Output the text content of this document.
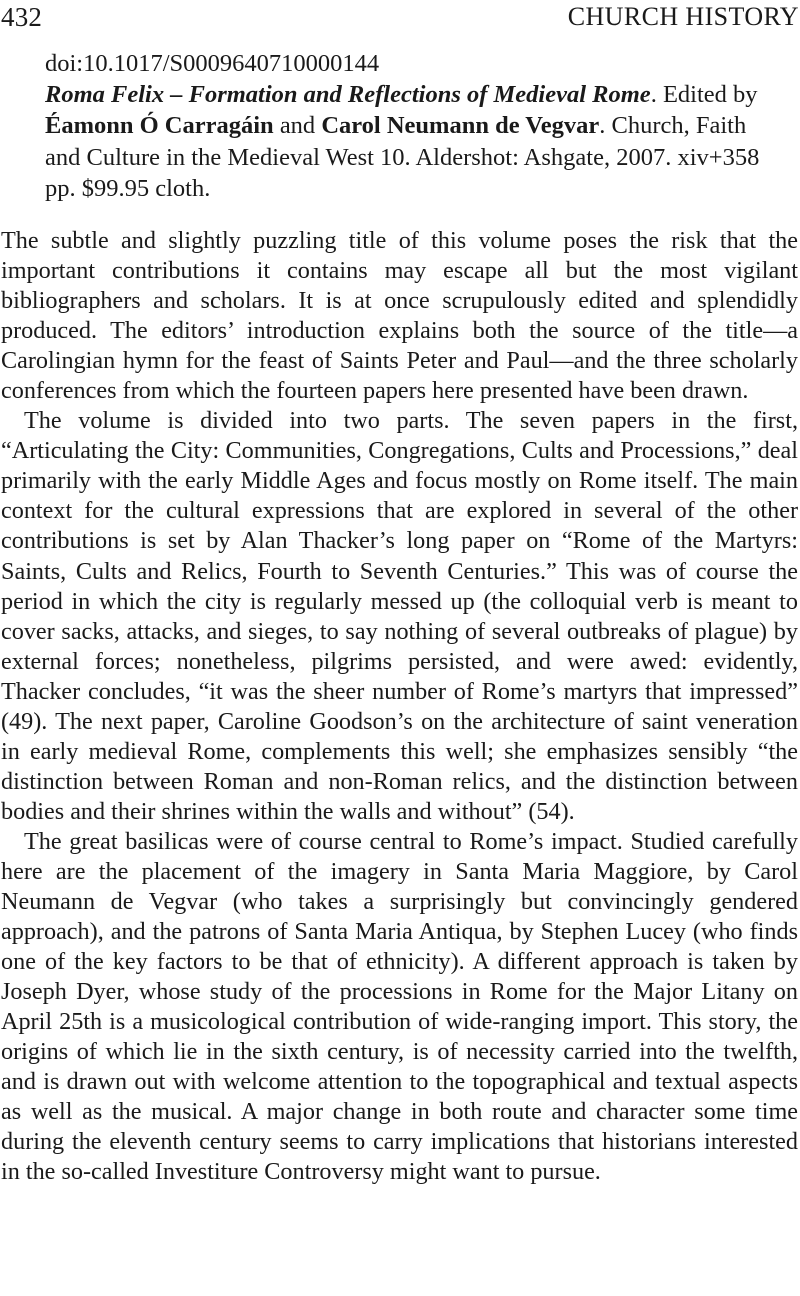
432	CHURCH HISTORY
doi:10.1017/S0009640710000144
Roma Felix – Formation and Reflections of Medieval Rome. Edited by Éamonn Ó Carragáin and Carol Neumann de Vegvar. Church, Faith and Culture in the Medieval West 10. Aldershot: Ashgate, 2007. xiv+358 pp. $99.95 cloth.

The subtle and slightly puzzling title of this volume poses the risk that the important contributions it contains may escape all but the most vigilant bibliographers and scholars. It is at once scrupulously edited and splendidly produced. The editors’ introduction explains both the source of the title—a Carolingian hymn for the feast of Saints Peter and Paul—and the three scholarly conferences from which the fourteen papers here presented have been drawn.

The volume is divided into two parts. The seven papers in the first, “Articulating the City: Communities, Congregations, Cults and Processions,” deal primarily with the early Middle Ages and focus mostly on Rome itself. The main context for the cultural expressions that are explored in several of the other contributions is set by Alan Thacker’s long paper on “Rome of the Martyrs: Saints, Cults and Relics, Fourth to Seventh Centuries.” This was of course the period in which the city is regularly messed up (the colloquial verb is meant to cover sacks, attacks, and sieges, to say nothing of several outbreaks of plague) by external forces; nonetheless, pilgrims persisted, and were awed: evidently, Thacker concludes, “it was the sheer number of Rome’s martyrs that impressed” (49). The next paper, Caroline Goodson’s on the architecture of saint veneration in early medieval Rome, complements this well; she emphasizes sensibly “the distinction between Roman and non-Roman relics, and the distinction between bodies and their shrines within the walls and without” (54).

The great basilicas were of course central to Rome’s impact. Studied carefully here are the placement of the imagery in Santa Maria Maggiore, by Carol Neumann de Vegvar (who takes a surprisingly but convincingly gendered approach), and the patrons of Santa Maria Antiqua, by Stephen Lucey (who finds one of the key factors to be that of ethnicity). A different approach is taken by Joseph Dyer, whose study of the processions in Rome for the Major Litany on April 25th is a musicological contribution of wide-ranging import. This story, the origins of which lie in the sixth century, is of necessity carried into the twelfth, and is drawn out with welcome attention to the topographical and textual aspects as well as the musical. A major change in both route and character some time during the eleventh century seems to carry implications that historians interested in the so-called Investiture Controversy might want to pursue.
